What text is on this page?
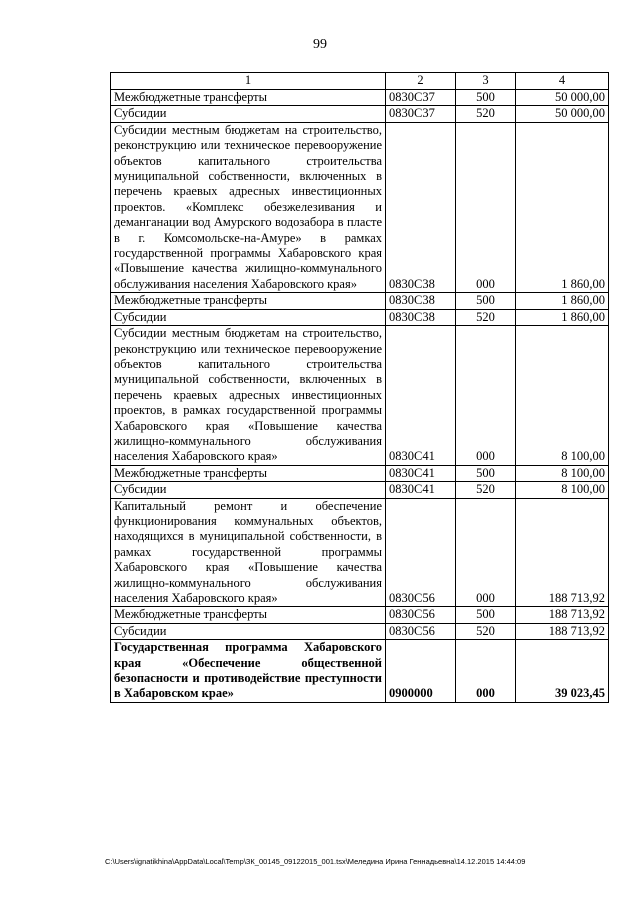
99
1	2	3	4
Межбюджетные трансферты	0830С37	500	50 000,00
Субсидии	0830С37	520	50 000,00
Субсидии местным бюджетам на строительство, реконструкцию или техническое перевооружение объектов капитального строительства муниципальной собственности, включенных в перечень краевых адресных инвестиционных проектов. «Комплекс обезжелезивания и деманганации вод Амурского водозабора в пласте в г. Комсомольске-на-Амуре» в рамках государственной программы Хабаровского края «Повышение качества жилищно-коммунального обслуживания населения Хабаровского края»	0830С38	000	1 860,00
Межбюджетные трансферты	0830С38	500	1 860,00
Субсидии	0830С38	520	1 860,00
Субсидии местным бюджетам на строительство, реконструкцию или техническое перевооружение объектов капитального строительства муниципальной собственности, включенных в перечень краевых адресных инвестиционных проектов, в рамках государственной программы Хабаровского края «Повышение качества жилищно-коммунального обслуживания населения Хабаровского края»	0830С41	000	8 100,00
Межбюджетные трансферты	0830С41	500	8 100,00
Субсидии	0830С41	520	8 100,00
Капитальный ремонт и обеспечение функционирования коммунальных объектов, находящихся в муниципальной собственности, в рамках государственной программы Хабаровского края «Повышение качества жилищно-коммунального обслуживания населения Хабаровского края»	0830С56	000	188 713,92
Межбюджетные трансферты	0830С56	500	188 713,92
Субсидии	0830С56	520	188 713,92
Государственная программа Хабаровского края «Обеспечение общественной безопасности и противодействие преступности в Хабаровском крае»	0900000	000	39 023,45
C:\Users\ignatikhina\AppData\Local\Temp\ЗК_00145_09122015_001.tsx\Меледина Ирина Геннадьевна\14.12.2015 14:44:09
